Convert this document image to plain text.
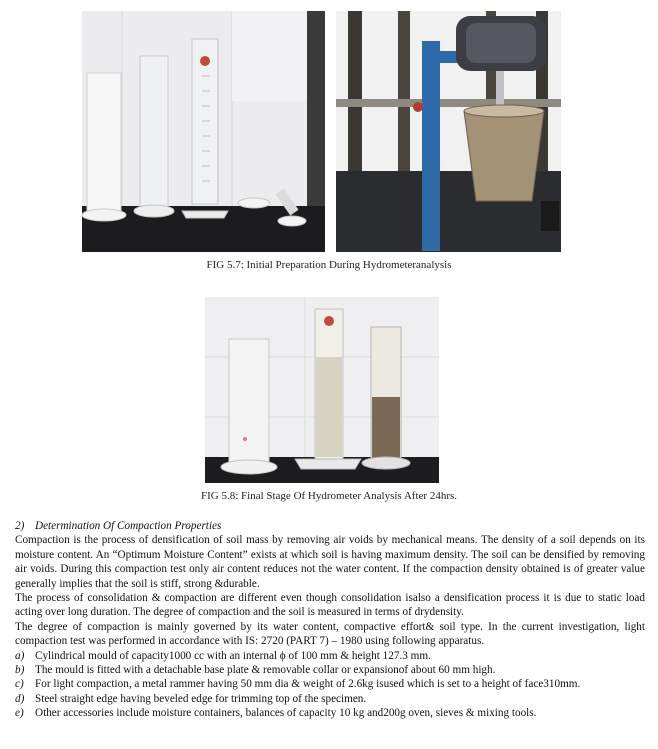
FIG 5.7: Initial Preparation During Hydrometeranalysis
FIG 5.8: Final Stage Of Hydrometer Analysis After 24hrs.

2) Determination Of Compaction Properties

Compaction is the process of densification of soil mass by removing air voids by mechanical means. The density of a soil depends on its moisture content. An “Optimum Moisture Content” exists at which soil is having maximum density. The soil can be densified by removing air voids. During this compaction test only air content reduces not the water content. If the compaction density obtained is of greater value generally implies that the soil is stiff, strong &durable.

The process of consolidation & compaction are different even though consolidation isalso a densification process it is due to static load acting over long duration. The degree of compaction and the soil is measured in terms of drydensity.

The degree of compaction is mainly governed by its water content, compactive effort& soil type. In the current investigation, light compaction test was performed in accordance with IS: 2720 (PART 7) – 1980 using following apparatus.

a) Cylindrical mould of capacity1000 cc with an internal ϕ of 100 mm & height 127.3 mm.
b) The mould is fitted with a detachable base plate & removable collar or expansionof about 60 mm high.
c) For light compaction, a metal rammer having 50 mm dia & weight of 2.6kg isused which is set to a height of face310mm.
d) Steel straight edge having beveled edge for trimming top of the specimen.
e) Other accessories include moisture containers, balances of capacity 10 kg and200g oven, sieves & mixing tools.
